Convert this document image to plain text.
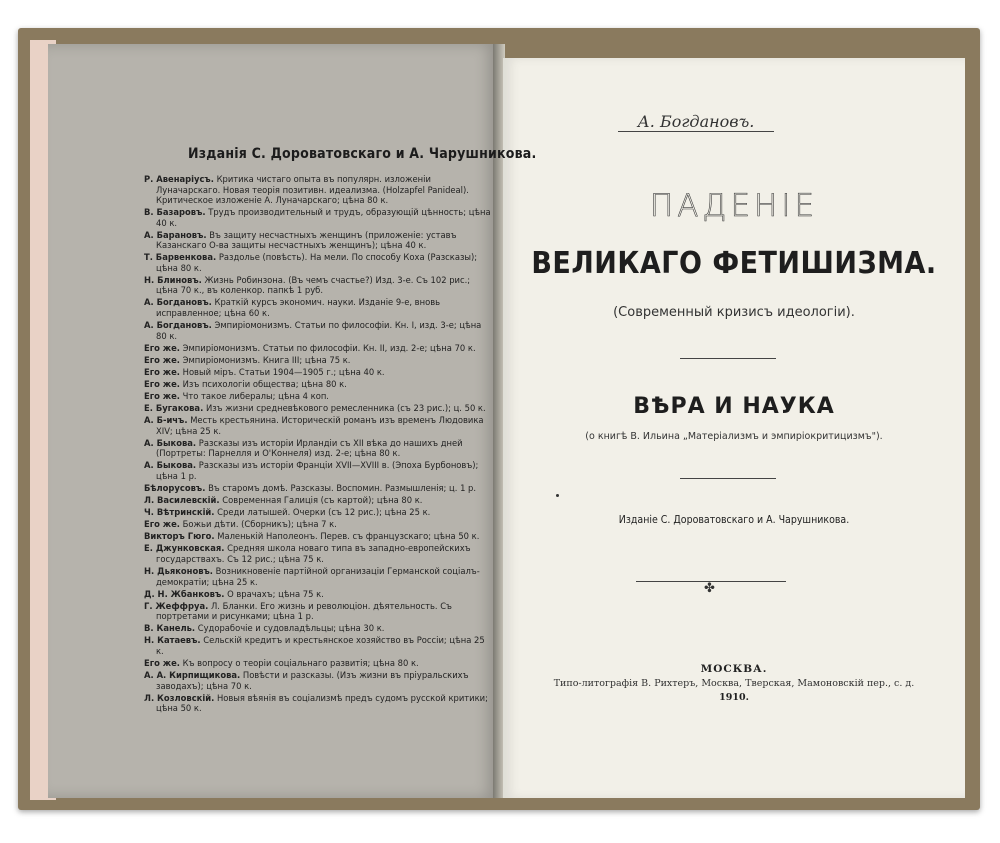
Изданія С. Дороватовскаго и А. Чарушникова.
Р. Авенаріусъ. Критика чистаго опыта въ популярн. изложеніи Луначарскаго. Новая теорія позитивн. идеализма. (Holzapfel Panideal). Критическое изложеніе А. Луначарскаго; цѣна 80 к.
В. Базаровъ. Трудъ производительный и трудъ, образующій цѣнность; цѣна 40 к.
А. Барановъ. Въ защиту несчастныхъ женщинъ (приложеніе: уставъ Казанскаго О-ва защиты несчастныхъ женщинъ); цѣна 40 к.
Т. Барвенкова. Раздолье (повѣсть). На мели. По способу Коха (Разсказы); цѣна 80 к.
Н. Блиновъ. Жизнь Робинзона. (Въ чемъ счастье?) Изд. 3-е. Съ 102 рис.; цѣна 70 к., въ коленкор. папкѣ 1 руб.
А. Богдановъ. Краткій курсъ экономич. науки. Изданіе 9-е, вновь исправленное; цѣна 60 к.
А. Богдановъ. Эмпиріомонизмъ. Статьи по философіи. Кн. I, изд. 3-е; цѣна 80 к.
Его же. Эмпиріомонизмъ. Статьи по философіи. Кн. II, изд. 2-е; цѣна 70 к.
Его же. Эмпиріомонизмъ. Книга III; цѣна 75 к.
Его же. Новый міръ. Статьи 1904—1905 г.; цѣна 40 к.
Его же. Изъ психологіи общества; цѣна 80 к.
Его же. Что такое либералы; цѣна 4 коп.
Е. Бугакова. Изъ жизни средневѣкового ремесленника (съ 23 рис.); ц. 50 к.
А. Б-ичъ. Месть крестьянина. Историческій романъ изъ временъ Людовика XIV; цѣна 25 к.
А. Быкова. Разсказы изъ исторіи Ирландіи съ XII вѣка до нашихъ дней (Портреты: Парнелля и О'Коннеля) изд. 2-е; цѣна 80 к.
А. Быкова. Разсказы изъ исторіи Франціи XVII—XVIII в. (Эпоха Бурбоновъ); цѣна 1 р.
Бѣлорусовъ. Въ старомъ домѣ. Разсказы. Воспомин. Размышленія; ц. 1 р.
Л. Василевскій. Современная Галиція (съ картой); цѣна 80 к.
Ч. Вѣтринскій. Среди латышей. Очерки (съ 12 рис.); цѣна 25 к.
Его же. Божьи дѣти. (Сборникъ); цѣна 7 к.
Викторъ Гюго. Маленькій Наполеонъ. Перев. съ французскаго; цѣна 50 к.
Е. Джунковская. Средняя школа новаго типа въ западно-европейскихъ государствахъ. Съ 12 рис.; цѣна 75 к.
Н. Дьяконовъ. Возникновеніе партійной организаціи Германской соціалъ-демократіи; цѣна 25 к.
Д. Н. Жбанковъ. О врачахъ; цѣна 75 к.
Г. Жеффруа. Л. Бланки. Его жизнь и революціон. дѣятельность. Съ портретами и рисунками; цѣна 1 р.
В. Канель. Судорабочіе и судовладѣльцы; цѣна 30 к.
Н. Катаевъ. Сельскій кредитъ и крестьянское хозяйство въ Россіи; цѣна 25 к.
Его же. Къ вопросу о теоріи соціальнаго развитія; цѣна 80 к.
А. А. Кирпищикова. Повѣсти и разсказы. (Изъ жизни въ пріуральскихъ заводахъ); цѣна 70 к.
Л. Козловскій. Новыя вѣянія въ соціализмѣ предъ судомъ русской критики; цѣна 50 к.
А. Богдановъ.
ПАДЕНІЕ
ВЕЛИКАГО ФЕТИШИЗМА.
(Современный кризисъ идеологіи).
ВѢРА И НАУКА
(о книгѣ В. Ильина „Матеріализмъ и эмпиріокритицизмъ").
Изданіе С. Дороватовскаго и А. Чарушникова.
✤
МОСКВА.
Типо-литографія В. Рихтеръ, Москва, Тверская, Мамоновскій пер., с. д.
1910.
